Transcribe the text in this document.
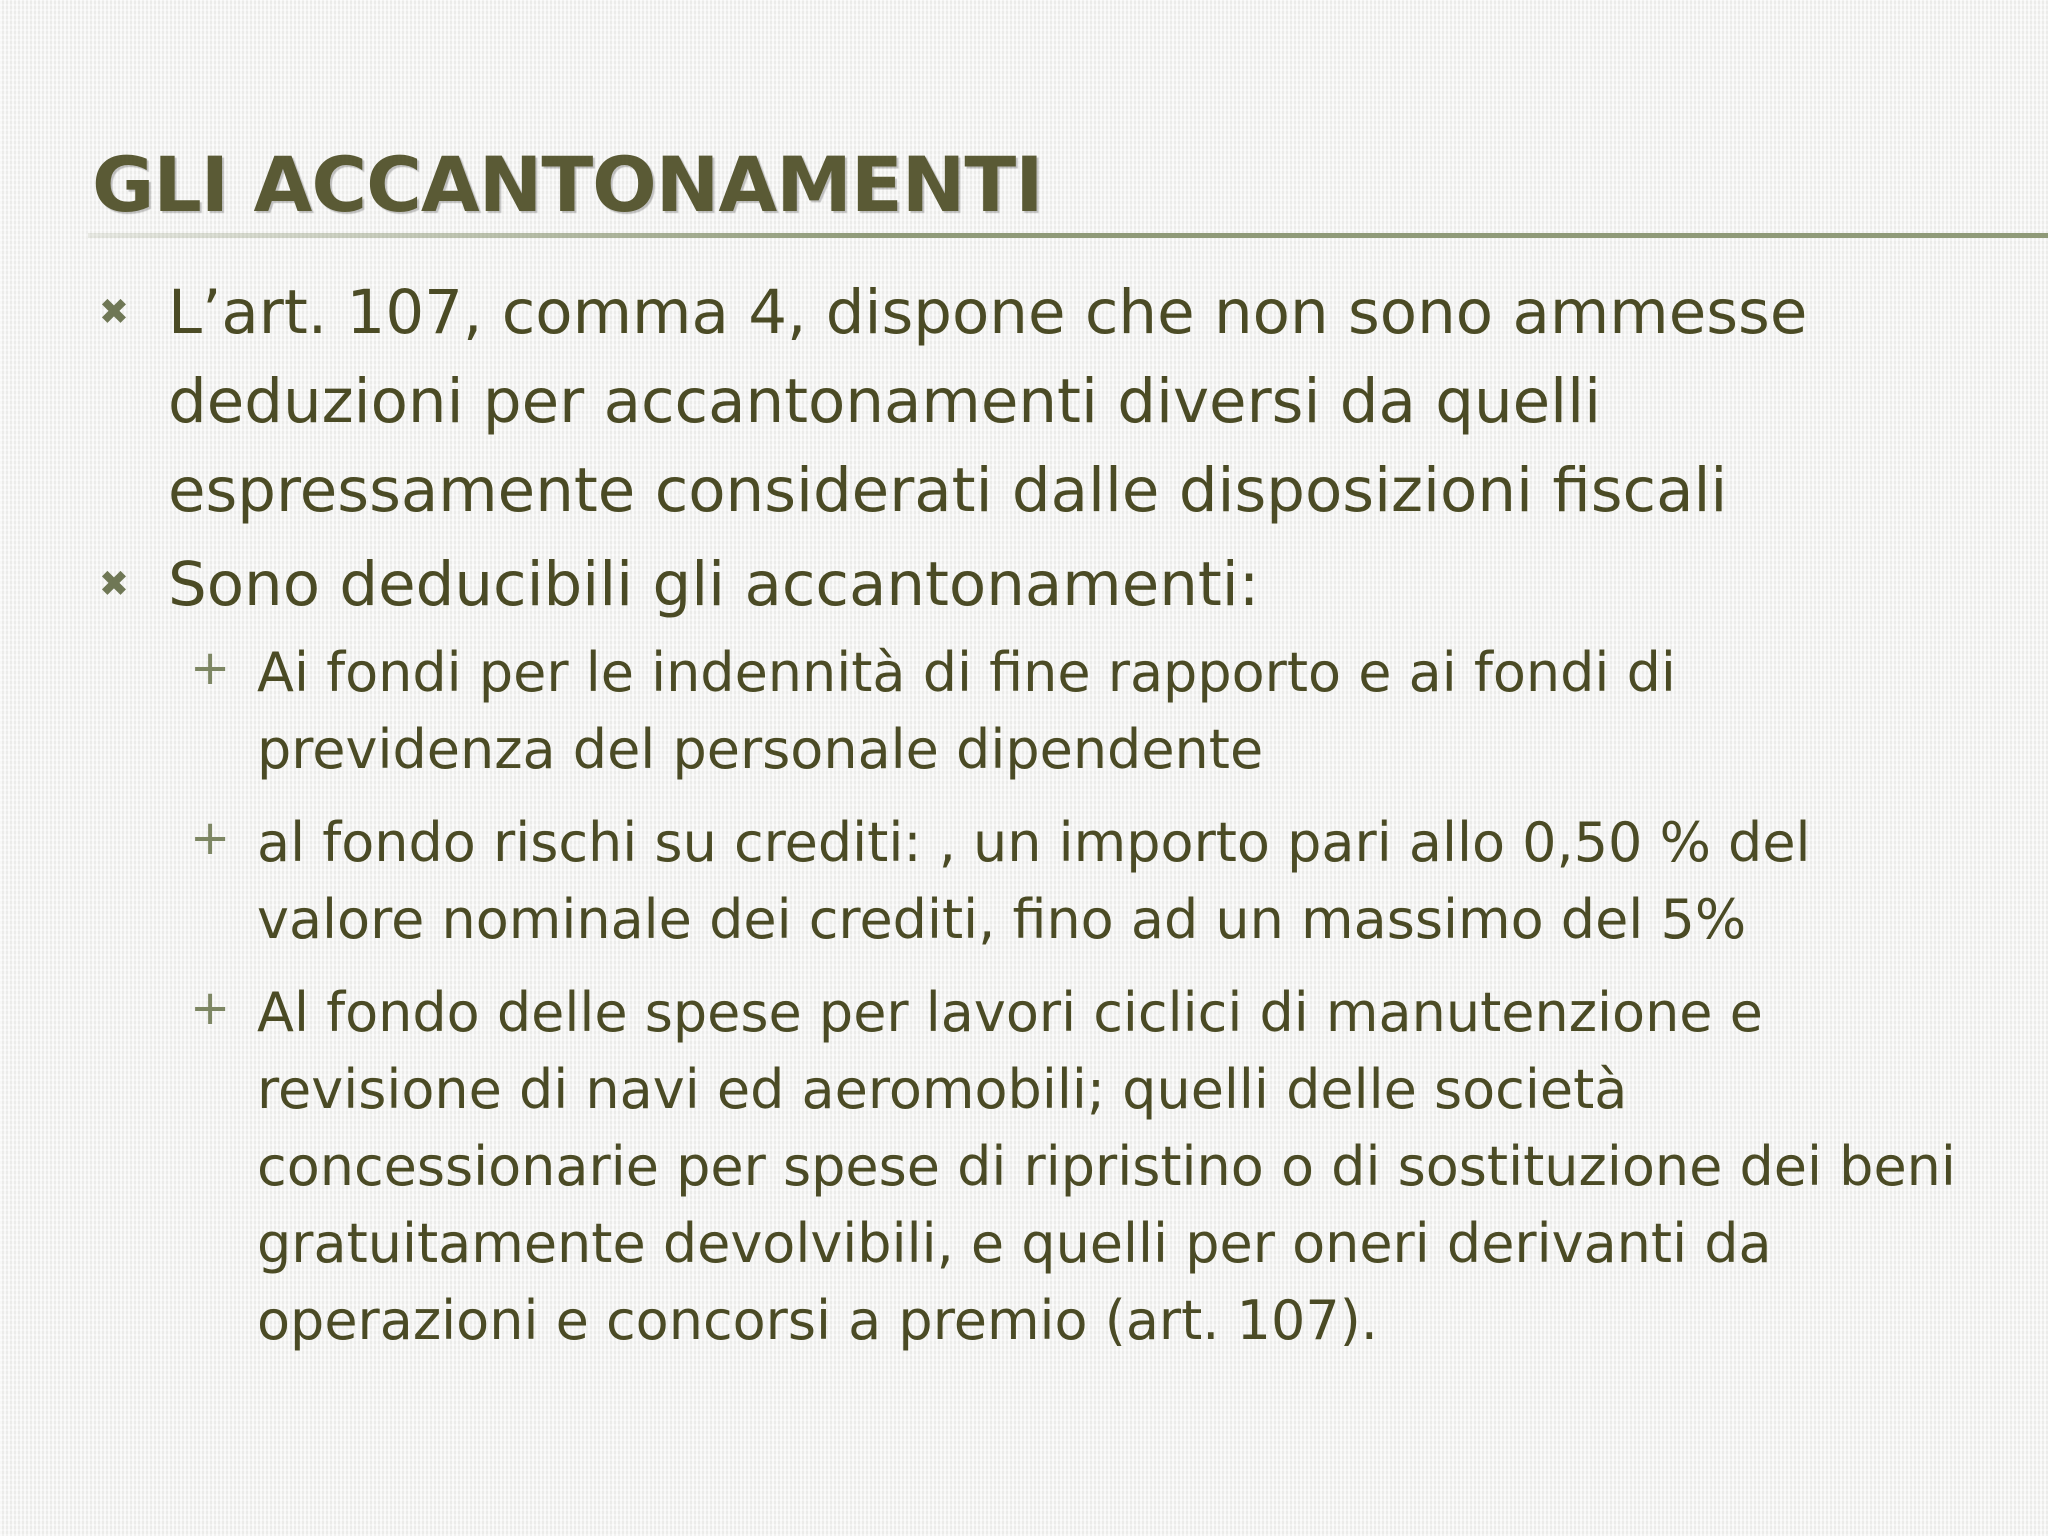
GLI ACCANTONAMENTI
✖ L’art. 107, comma 4, dispone che non sono ammesse deduzioni per accantonamenti diversi da quelli espressamente considerati dalle disposizioni fiscali
✖ Sono deducibili gli accantonamenti:
+ Ai fondi per le indennità di fine rapporto e ai fondi di previdenza del personale dipendente
+ al fondo rischi su crediti: , un importo pari allo 0,50 % del valore nominale dei crediti, fino ad un massimo del 5%
+ Al fondo delle spese per lavori ciclici di manutenzione e revisione di navi ed aeromobili; quelli delle società concessionarie per spese di ripristino o di sostituzione dei beni gratuitamente devolvibili, e quelli per oneri derivanti da operazioni e concorsi a premio (art. 107).
